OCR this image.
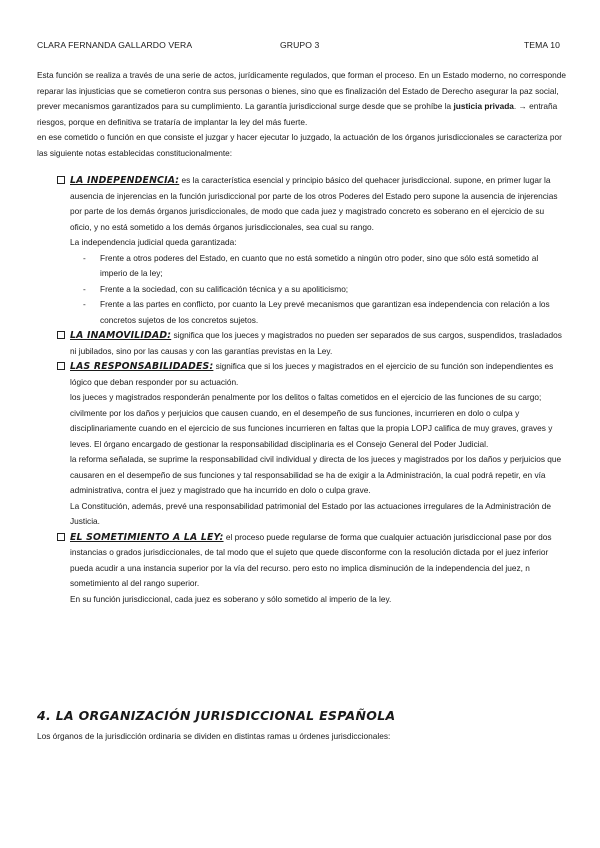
CLARA FERNANDA GALLARDO VERA	GRUPO 3	TEMA 10

Esta función se realiza a través de una serie de actos, jurídicamente regulados, que forman el proceso. En un Estado moderno, no corresponde reparar las injusticias que se cometieron contra sus personas o bienes, sino que es finalización del Estado de Derecho asegurar la paz social, prever mecanismos garantizados para su cumplimiento. La garantía jurisdiccional surge desde que se prohíbe la justicia privada. → entraña riesgos, porque en definitiva se trataría de implantar la ley del más fuerte.

en ese cometido o función en que consiste el juzgar y hacer ejecutar lo juzgado, la actuación de los órganos jurisdiccionales se caracteriza por las siguiente notas establecidas constitucionalmente:

LA INDEPENDENCIA: es la característica esencial y principio básico del quehacer jurisdiccional. supone, en primer lugar la ausencia de injerencias en la función jurisdiccional por parte de los otros Poderes del Estado pero supone la ausencia de injerencias por parte de los demás órganos jurisdiccionales, de modo que cada juez y magistrado concreto es soberano en el ejercicio de su oficio, y no está sometido a los demás órganos jurisdiccionales, sea cual su rango.

La independencia judicial queda garantizada:

- Frente a otros poderes del Estado, en cuanto que no está sometido a ningún otro poder, sino que sólo está sometido al imperio de la ley;
- Frente a la sociedad, con su calificación técnica y a su apoliticismo;
- Frente a las partes en conflicto, por cuanto la Ley prevé mecanismos que garantizan esa independencia con relación a los concretos sujetos de los concretos sujetos.

LA INAMOVILIDAD: significa que los jueces y magistrados no pueden ser separados de sus cargos, suspendidos, trasladados ni jubilados, sino por las causas y con las garantías previstas en la Ley.

LAS RESPONSABILIDADES: significa que si los jueces y magistrados en el ejercicio de su función son independientes es lógico que deban responder por su actuación.

los jueces y magistrados responderán penalmente por los delitos o faltas cometidos en el ejercicio de las funciones de su cargo; civilmente por los daños y perjuicios que causen cuando, en el desempeño de sus funciones, incurrieren en dolo o culpa y disciplinariamente cuando en el ejercicio de sus funciones incurrieren en faltas que la propia LOPJ califica de muy graves, graves y leves. El órgano encargado de gestionar la responsabilidad disciplinaria es el Consejo General del Poder Judicial.

la reforma señalada, se suprime la responsabilidad civil individual y directa de los jueces y magistrados por los daños y perjuicios que causaren en el desempeño de sus funciones y tal responsabilidad se ha de exigir a la Administración, la cual podrá repetir, en vía administrativa, contra el juez y magistrado que ha incurrido en dolo o culpa grave.

La Constitución, además, prevé una responsabilidad patrimonial del Estado por las actuaciones irregulares de la Administración de Justicia.

EL SOMETIMIENTO A LA LEY: el proceso puede regularse de forma que cualquier actuación jurisdiccional pase por dos instancias o grados jurisdiccionales, de tal modo que el sujeto que quede disconforme con la resolución dictada por el juez inferior pueda acudir a una instancia superior por la vía del recurso. pero esto no implica disminución de la independencia del juez, n sometimiento al del rango superior.

En su función jurisdiccional, cada juez es soberano y sólo sometido al imperio de la ley.

4. LA ORGANIZACIÓN JURISDICCIONAL ESPAÑOLA
Los órganos de la jurisdicción ordinaria se dividen en distintas ramas u órdenes jurisdiccionales:
